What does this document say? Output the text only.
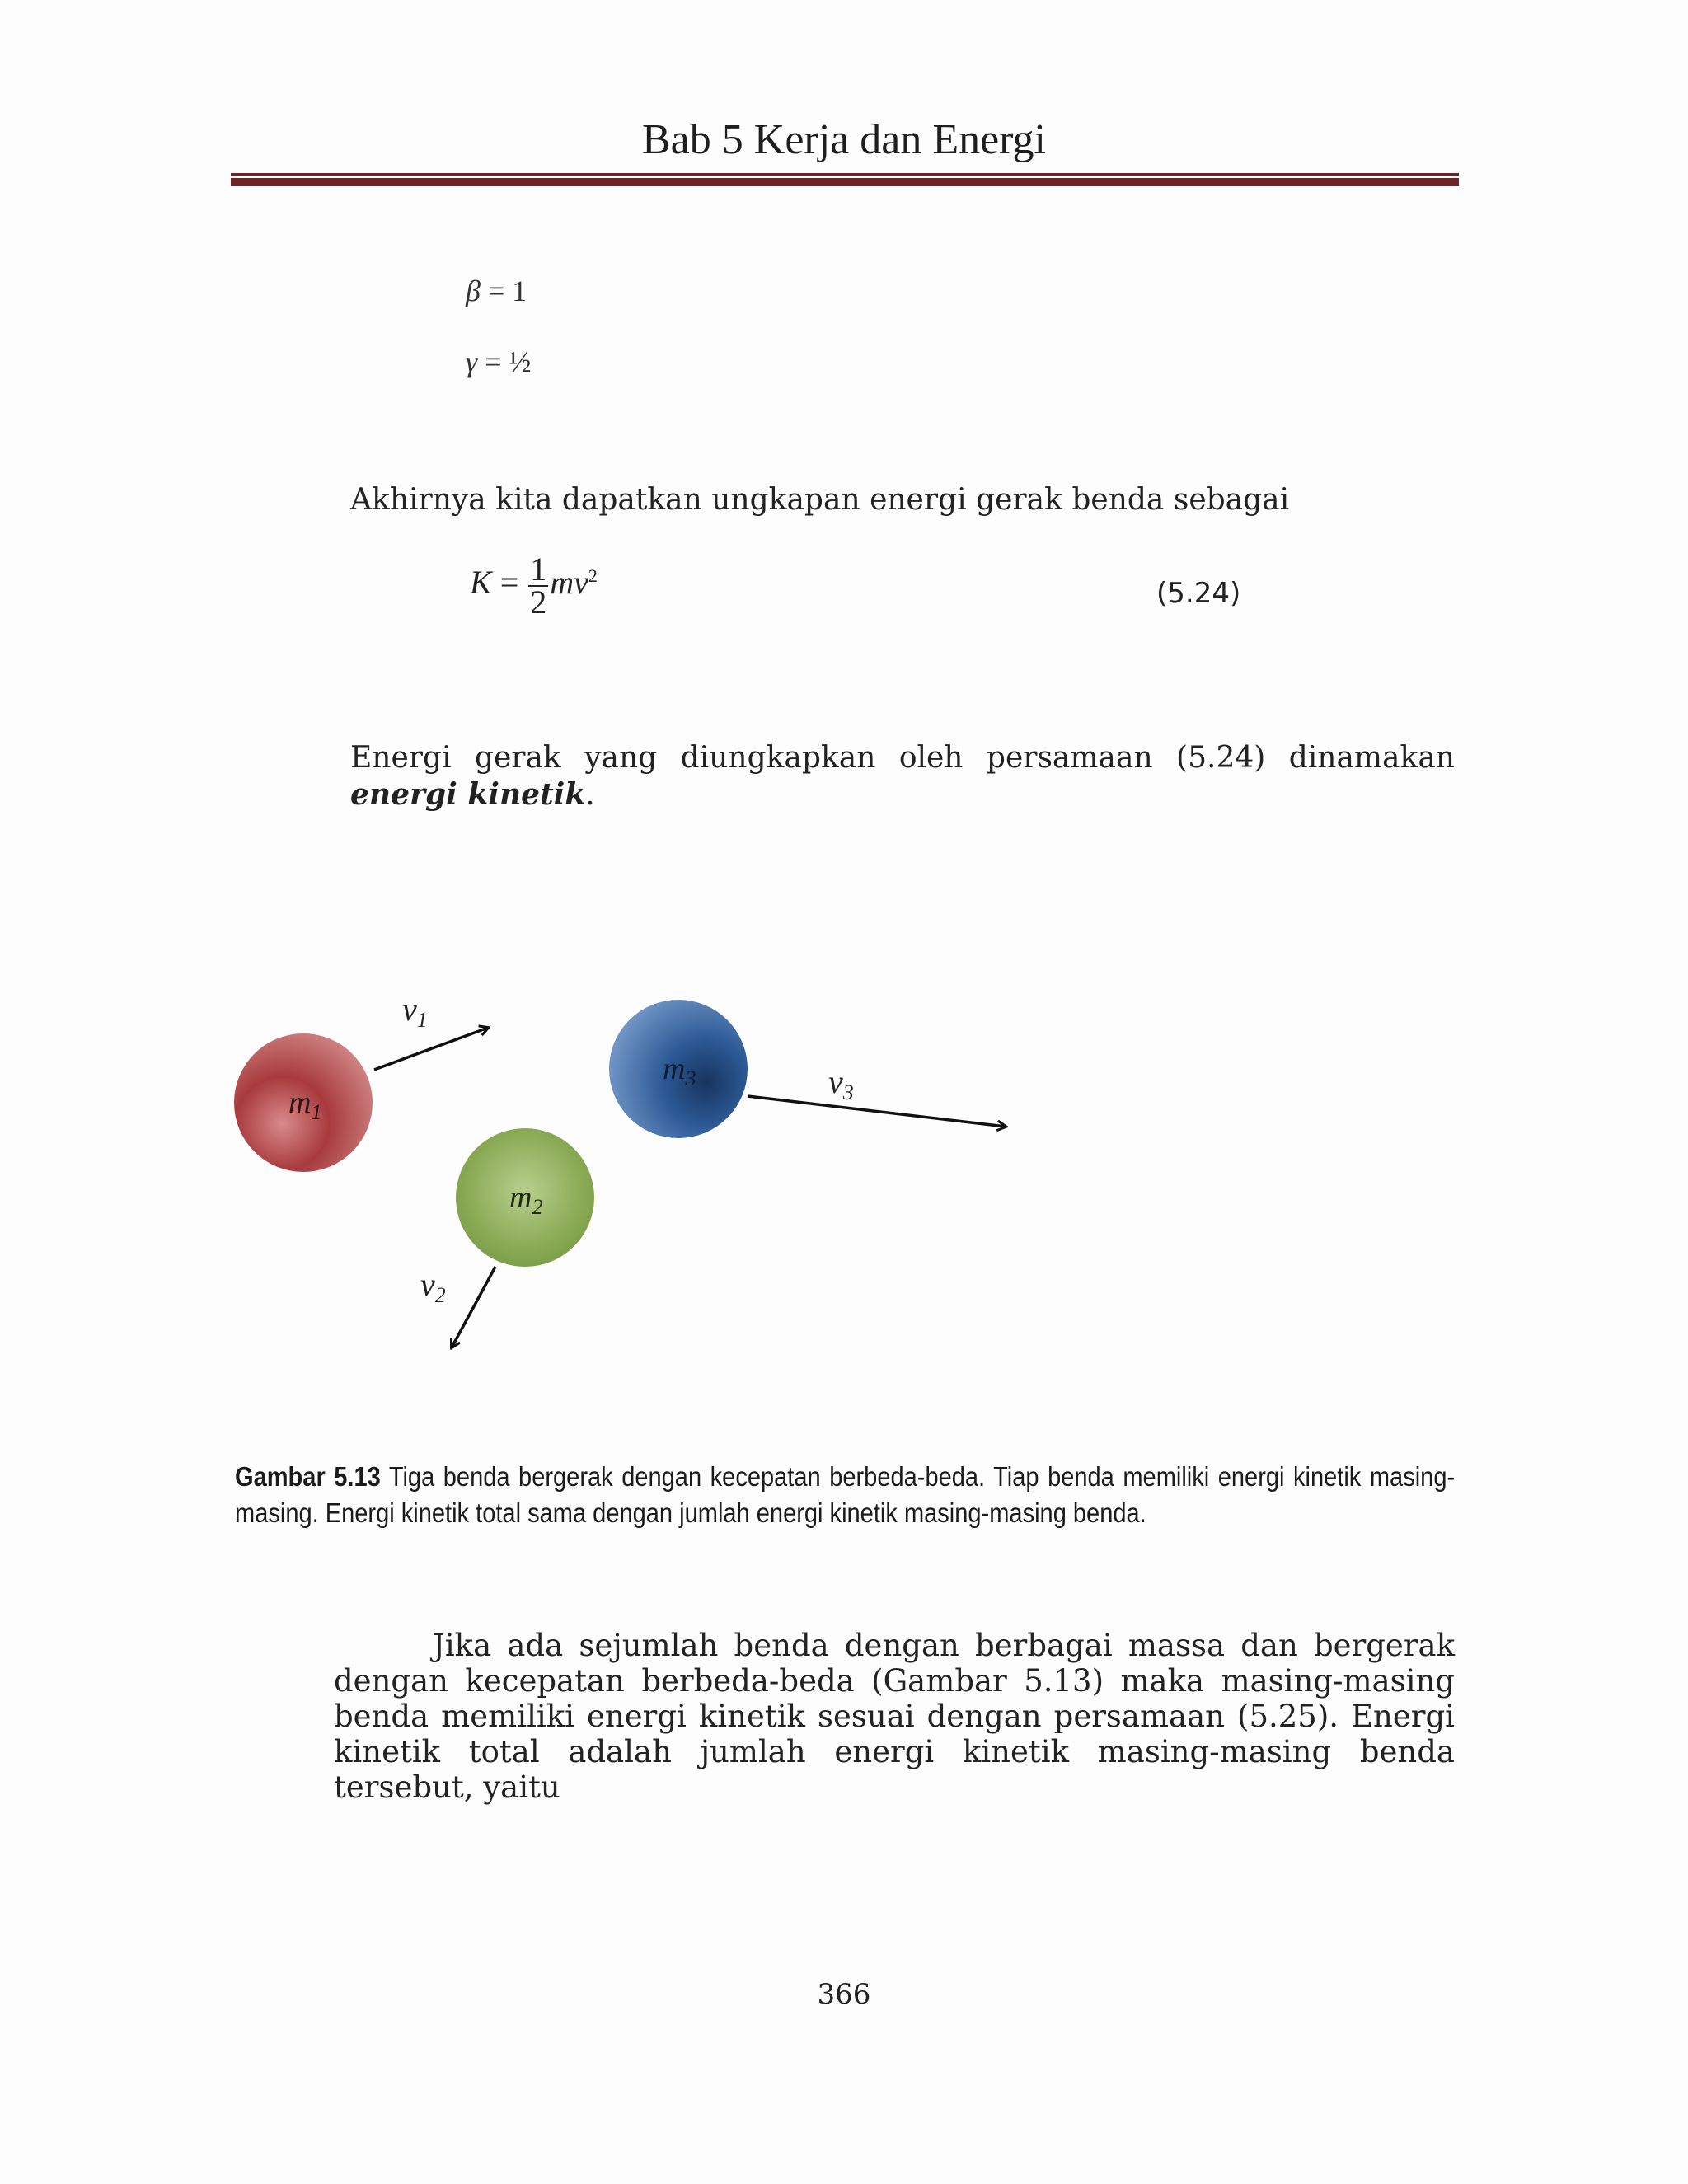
Bab 5 Kerja dan Energi
β = 1
γ = ½
Akhirnya kita dapatkan ungkapan energi gerak benda sebagai
$K = \frac{1}{2} mv^2$
(5.24)
Energi gerak yang diungkapkan oleh persamaan (5.24) dinamakan energi kinetik.
$m_1$
$v_1$
$m_2$
$v_2$
$m_3$	$v_3$
Gambar 5.13 Tiga benda bergerak dengan kecepatan berbeda-beda. Tiap benda memiliki energi kinetik masing-masing. Energi kinetik total sama dengan jumlah energi kinetik masing-masing benda.
Jika ada sejumlah benda dengan berbagai massa dan bergerak dengan kecepatan berbeda-beda (Gambar 5.13) maka masing-masing benda memiliki energi kinetik sesuai dengan persamaan (5.25). Energi kinetik total adalah jumlah energi kinetik masing-masing benda tersebut, yaitu
366
